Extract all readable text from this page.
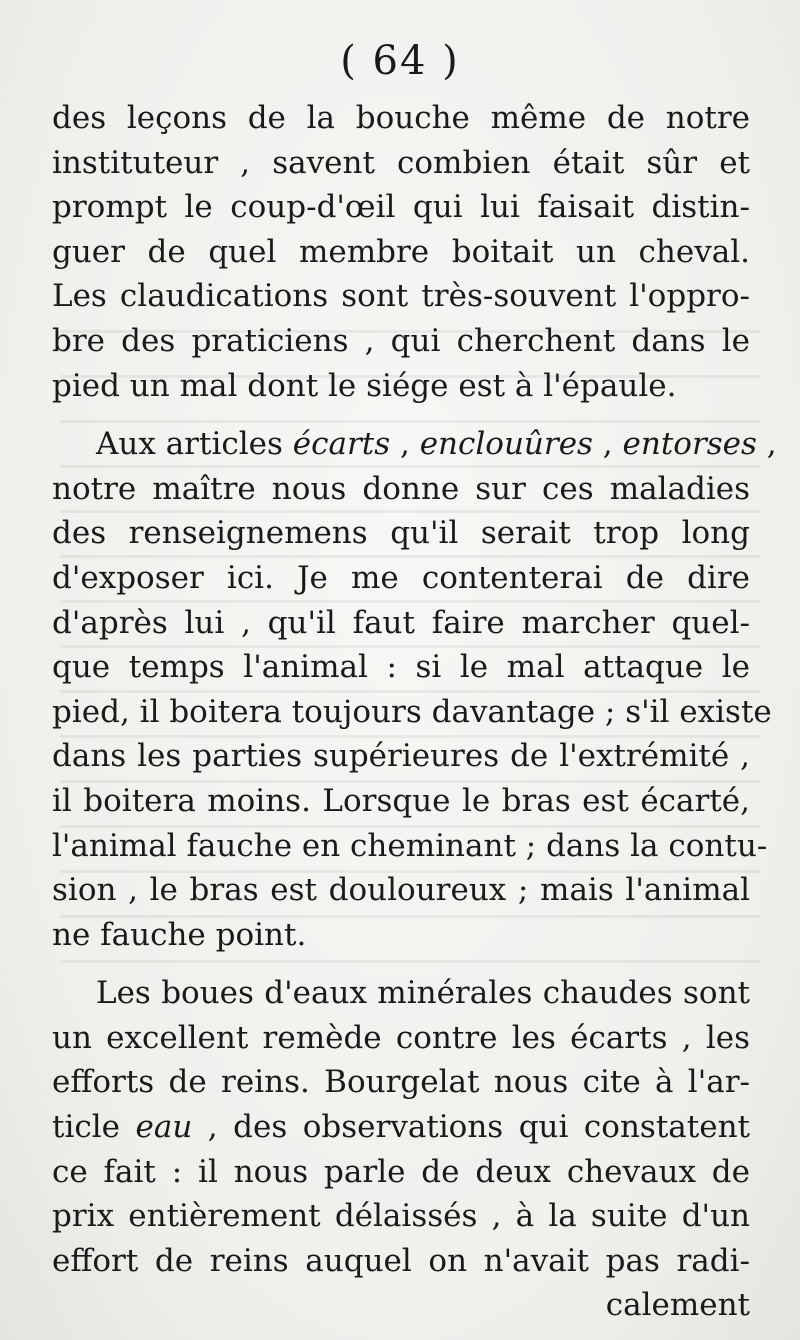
( 64 )
des leçons de la bouche même de notre
instituteur , savent combien était sûr et
prompt le coup-d'œil qui lui faisait distin-
guer de quel membre boitait un cheval.
Les claudications sont très-souvent l'oppro-
bre des praticiens , qui cherchent dans le
pied un mal dont le siége est à l'épaule.
Aux articles écarts , enclouûres , entorses ,
notre maître nous donne sur ces maladies
des renseignemens qu'il serait trop long
d'exposer ici. Je me contenterai de dire
d'après lui , qu'il faut faire marcher quel-
que temps l'animal : si le mal attaque le
pied, il boitera toujours davantage ; s'il existe
dans les parties supérieures de l'extrémité ,
il boitera moins. Lorsque le bras est écarté,
l'animal fauche en cheminant ; dans la contu-
sion , le bras est douloureux ; mais l'animal
ne fauche point.
Les boues d'eaux minérales chaudes sont
un excellent remède contre les écarts , les
efforts de reins. Bourgelat nous cite à l'ar-
ticle eau , des observations qui constatent
ce fait : il nous parle de deux chevaux de
prix entièrement délaissés , à la suite d'un
effort de reins auquel on n'avait pas radi-
calement
